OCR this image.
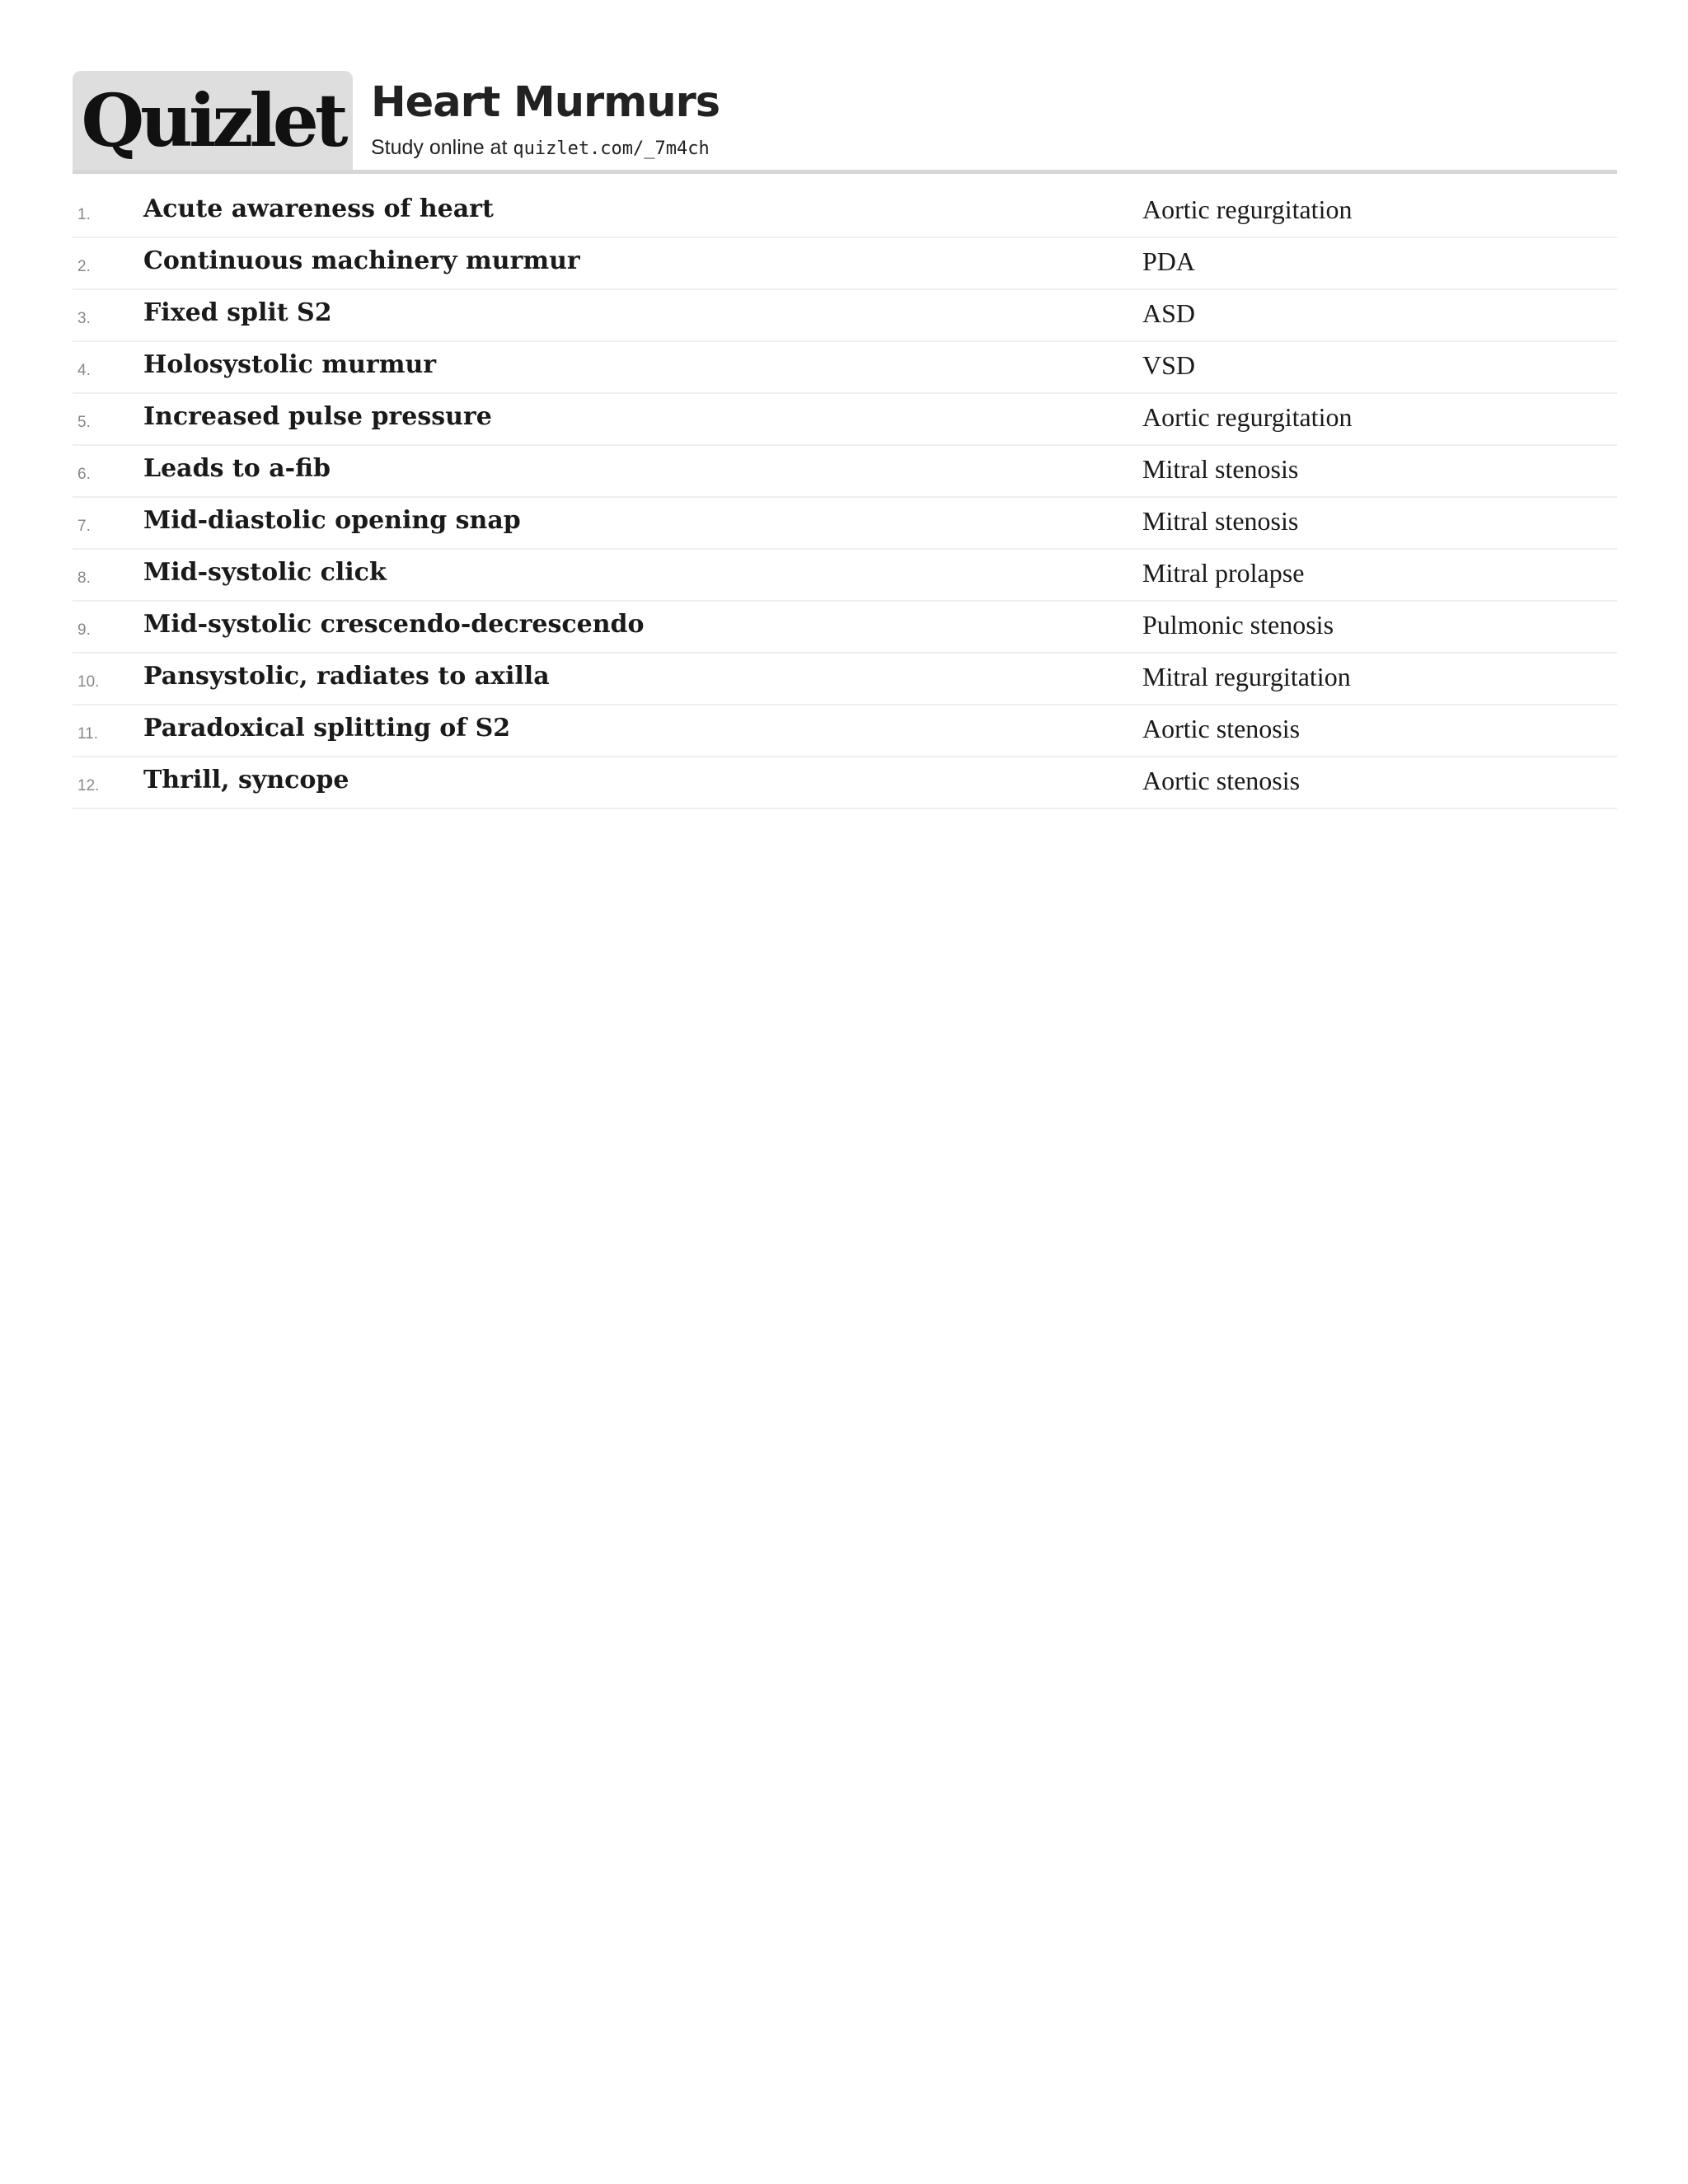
Quizlet Heart Murmurs
Study online at quizlet.com/_7m4ch
1. Acute awareness of heart	Aortic regurgitation
2. Continuous machinery murmur	PDA
3. Fixed split S2	ASD
4. Holosystolic murmur	VSD
5. Increased pulse pressure	Aortic regurgitation
6. Leads to a-fib	Mitral stenosis
7. Mid-diastolic opening snap	Mitral stenosis
8. Mid-systolic click	Mitral prolapse
9. Mid-systolic crescendo-decrescendo	Pulmonic stenosis
10. Pansystolic, radiates to axilla	Mitral regurgitation
11. Paradoxical splitting of S2	Aortic stenosis
12. Thrill, syncope	Aortic stenosis
